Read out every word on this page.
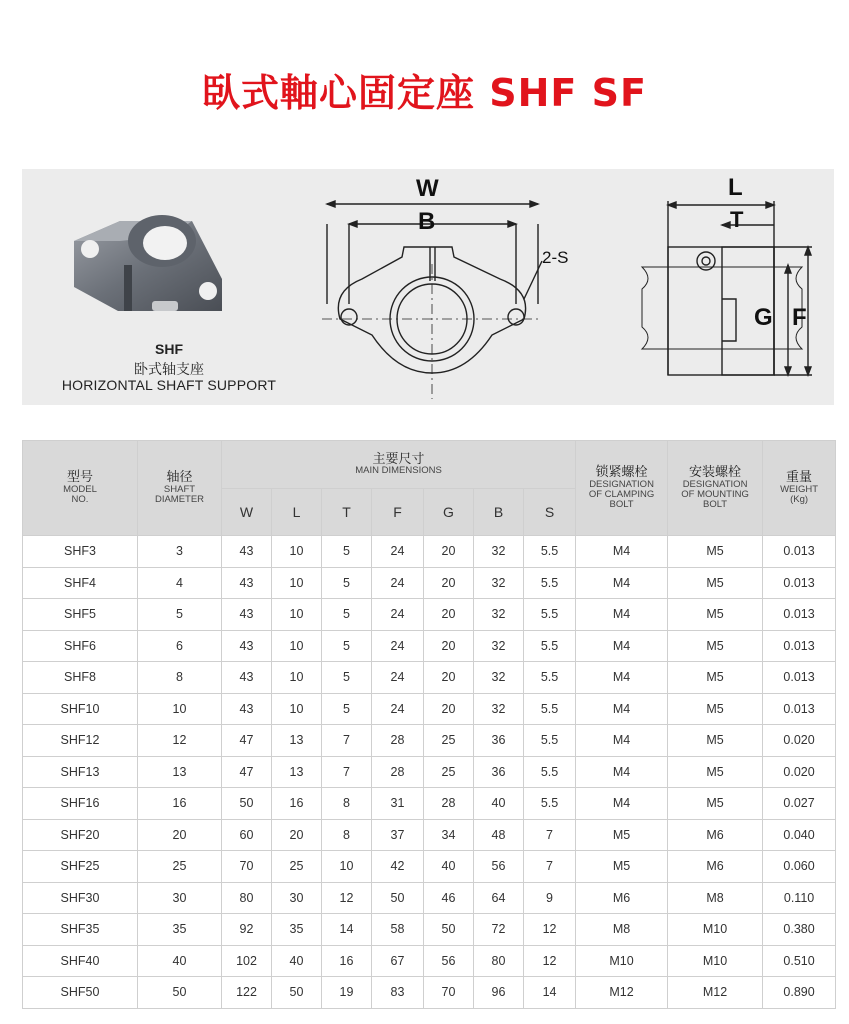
臥式軸心固定座 SHF SF
W
B
2-S
L
T
G F
SHF
卧式轴支座
HORIZONTAL SHAFT SUPPORT
型号
MODEL
NO.	轴径
SHAFT
DIAMETER	主要尺寸
MAIN DIMENSIONS							锁紧螺栓
DESIGNATION
OF CLAMPING
BOLT	安装螺栓
DESIGNATION
OF MOUNTING
BOLT	重量
WEIGHT
(Kg)

		W	L	T	F	G	B	S			
SHF3	3	43	10	5	24	20	32	5.5	M4	M5	0.013
SHF4	4	43	10	5	24	20	32	5.5	M4	M5	0.013
SHF5	5	43	10	5	24	20	32	5.5	M4	M5	0.013
SHF6	6	43	10	5	24	20	32	5.5	M4	M5	0.013
SHF8	8	43	10	5	24	20	32	5.5	M4	M5	0.013
SHF10	10	43	10	5	24	20	32	5.5	M4	M5	0.013
SHF12	12	47	13	7	28	25	36	5.5	M4	M5	0.020
SHF13	13	47	13	7	28	25	36	5.5	M4	M5	0.020
SHF16	16	50	16	8	31	28	40	5.5	M4	M5	0.027
SHF20	20	60	20	8	37	34	48	7	M5	M6	0.040
SHF25	25	70	25	10	42	40	56	7	M5	M6	0.060
SHF30	30	80	30	12	50	46	64	9	M6	M8	0.110
SHF35	35	92	35	14	58	50	72	12	M8	M10	0.380
SHF40	40	102	40	16	67	56	80	12	M10	M10	0.510
SHF50	50	122	50	19	83	70	96	14	M12	M12	0.890
